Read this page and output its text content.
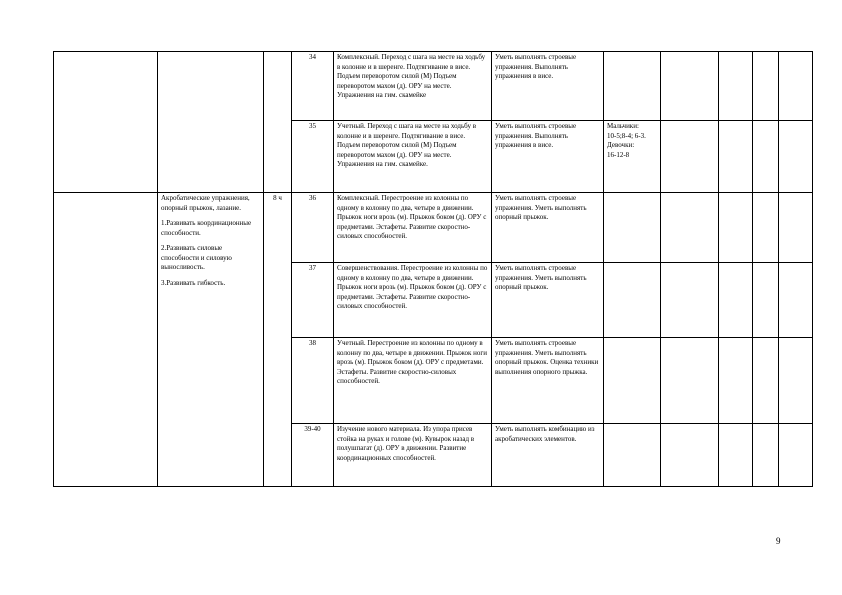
			34	Комплексный. Переход с шага на месте на ходьбу в колонне и в шеренге. Подтягивание в висе. Подъем переворотом силой (М) Подъем переворотом махом (д). ОРУ на месте. Упражнения на гим. скамейке	Уметь выполнять строевые упражнения. Выполнять упражнения в висе.					
			35	Учетный. Переход с шага на месте на ходьбу в колонне и в шеренге. Подтягивание в висе. Подъем переворотом силой (М) Подъем переворотом махом (д). ОРУ на месте. Упражнения на гим. скамейке.	Уметь выполнять строевые упражнения. Выполнять упражнения в висе.	Мальчики:
10-5;8-4; 6-3.
Девочки:
16-12-8				

	Акробатические упражнения, опорный прыжок, лазание.

1.Развивать координационные способности.

2.Развивать силовые способности и силовую выносливость.

3.Развивать гибкость.	8 ч	36	Комплексный. Перестроение из колонны по одному в колонну по два, четыре в движении. Прыжок ноги врозь (м). Прыжок боком (д). ОРУ с предметами. Эстафеты. Развитие скоростно-силовых способностей.	Уметь выполнять строевые упражнения. Уметь выполнять опорный прыжок.					
			37	Совершенствования. Перестроение из колонны по одному в колонну по два, четыре в движении. Прыжок ноги врозь (м). Прыжок боком (д). ОРУ с предметами. Эстафеты. Развитие скоростно-силовых способностей.	Уметь выполнять строевые упражнения. Уметь выполнять опорный прыжок.					
			38	Учетный. Перестроение из колонны по одному в колонну по два, четыре в движении. Прыжок ноги врозь (м). Прыжок боком (д). ОРУ с предметами. Эстафеты. Развитие скоростно-силовых способностей.	Уметь выполнять строевые упражнения. Уметь выполнять опорный прыжок. Оценка техники выполнения опорного прыжка.					
			39-40	Изучение нового материала. Из упора присев стойка на руках и голове (м). Кувырок назад в полушпагат (д). ОРУ в движении. Развитие координационных способностей.	Уметь выполнять комбинацию из акробатических элементов.					
9
